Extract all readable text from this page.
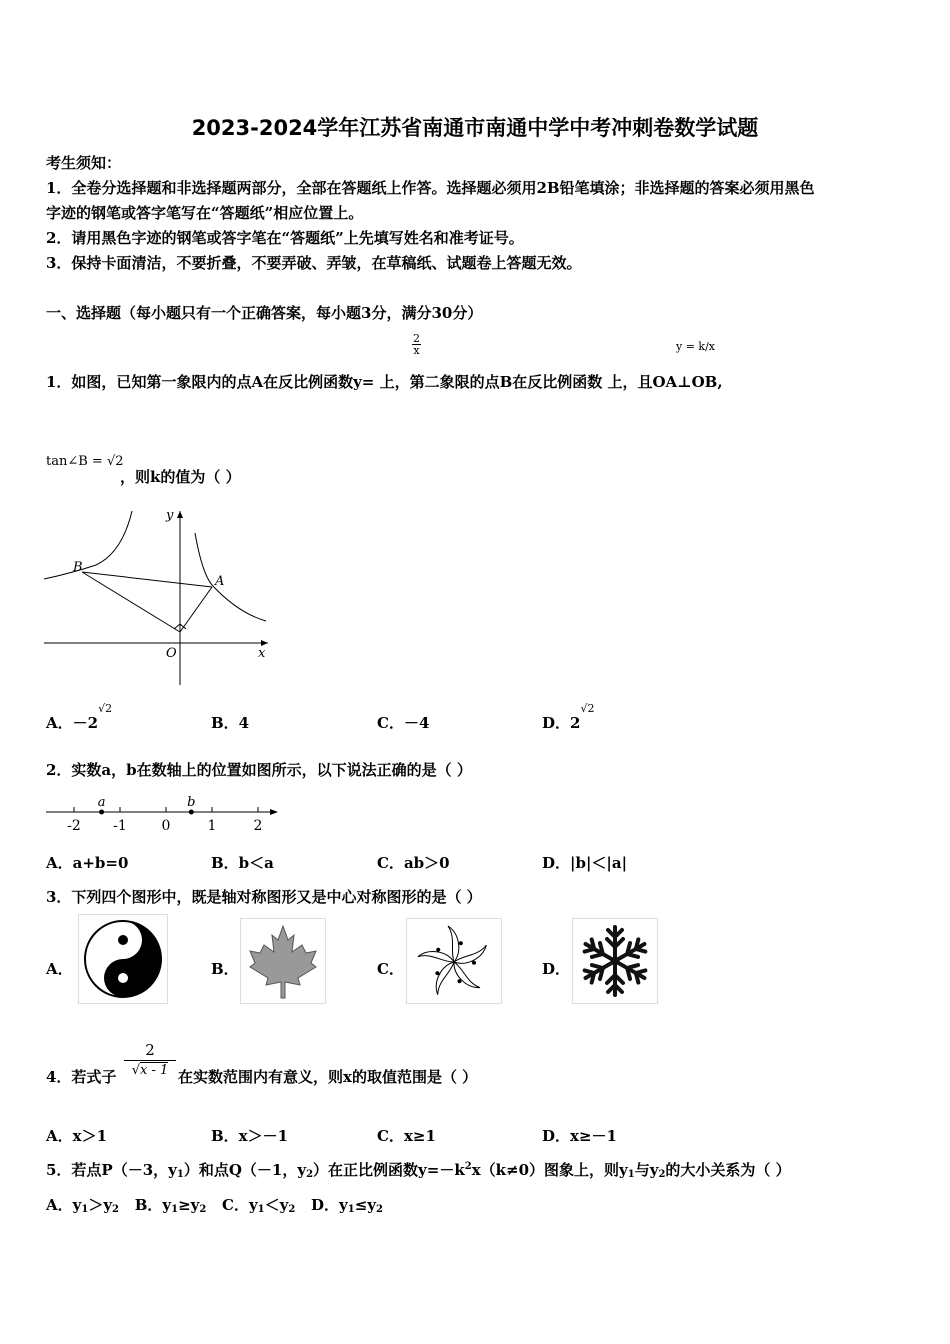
2023-2024学年江苏省南通市南通中学中考冲刺卷数学试题
考生须知：
1．全卷分选择题和非选择题两部分，全部在答题纸上作答。选择题必须用2B铅笔填涂；非选择题的答案必须用黑色
字迹的钢笔或答字笔写在“答题纸”相应位置上。
2．请用黑色字迹的钢笔或答字笔在“答题纸”上先填写姓名和准考证号。
3．保持卡面清洁，不要折叠，不要弄破、弄皱，在草稿纸、试题卷上答题无效。
一、选择题（每小题只有一个正确答案，每小题3分，满分30分）
$\frac{2}{x}$	y = k/x
1．如图，已知第一象限内的点A在反比例函数y= 上，第二象限的点B在反比例函数 上，且OA⊥OB,
tan∠B = √2
，则k的值为（ ）
B
A
O	x
y
A．$-2^{√2}$
B．4	C．－4	D．$2^{√2}$
2．实数a，b在数轴上的位置如图所示，以下说法正确的是（ ）
-2 -1 0	1	2
a	b
A．a+b=0	B．b＜a	C．ab＞0	D．|b|＜|a|
3．下列四个图形中，既是轴对称图形又是中心对称图形的是（ ）
A．	B．	C．	D．
4．若式子 $\frac{2}{√x - 1}$ 在实数范围内有意义，则x的取值范围是（ ）
A．x＞1	B．x＞－1	C．x≥1	D．x≥－1
5．若点P（－3，$y_1$）和点Q（－1，$y_2$）在正比例函数$y=-k^2x(k\ne 0)$图象上，则$y_1$与$y_2$的大小关系为（ ）
A．$y_1>y_2$ B．$y_1\ge y_2$ C．$y_1<y_2$ D．$y_1\le y_2$
